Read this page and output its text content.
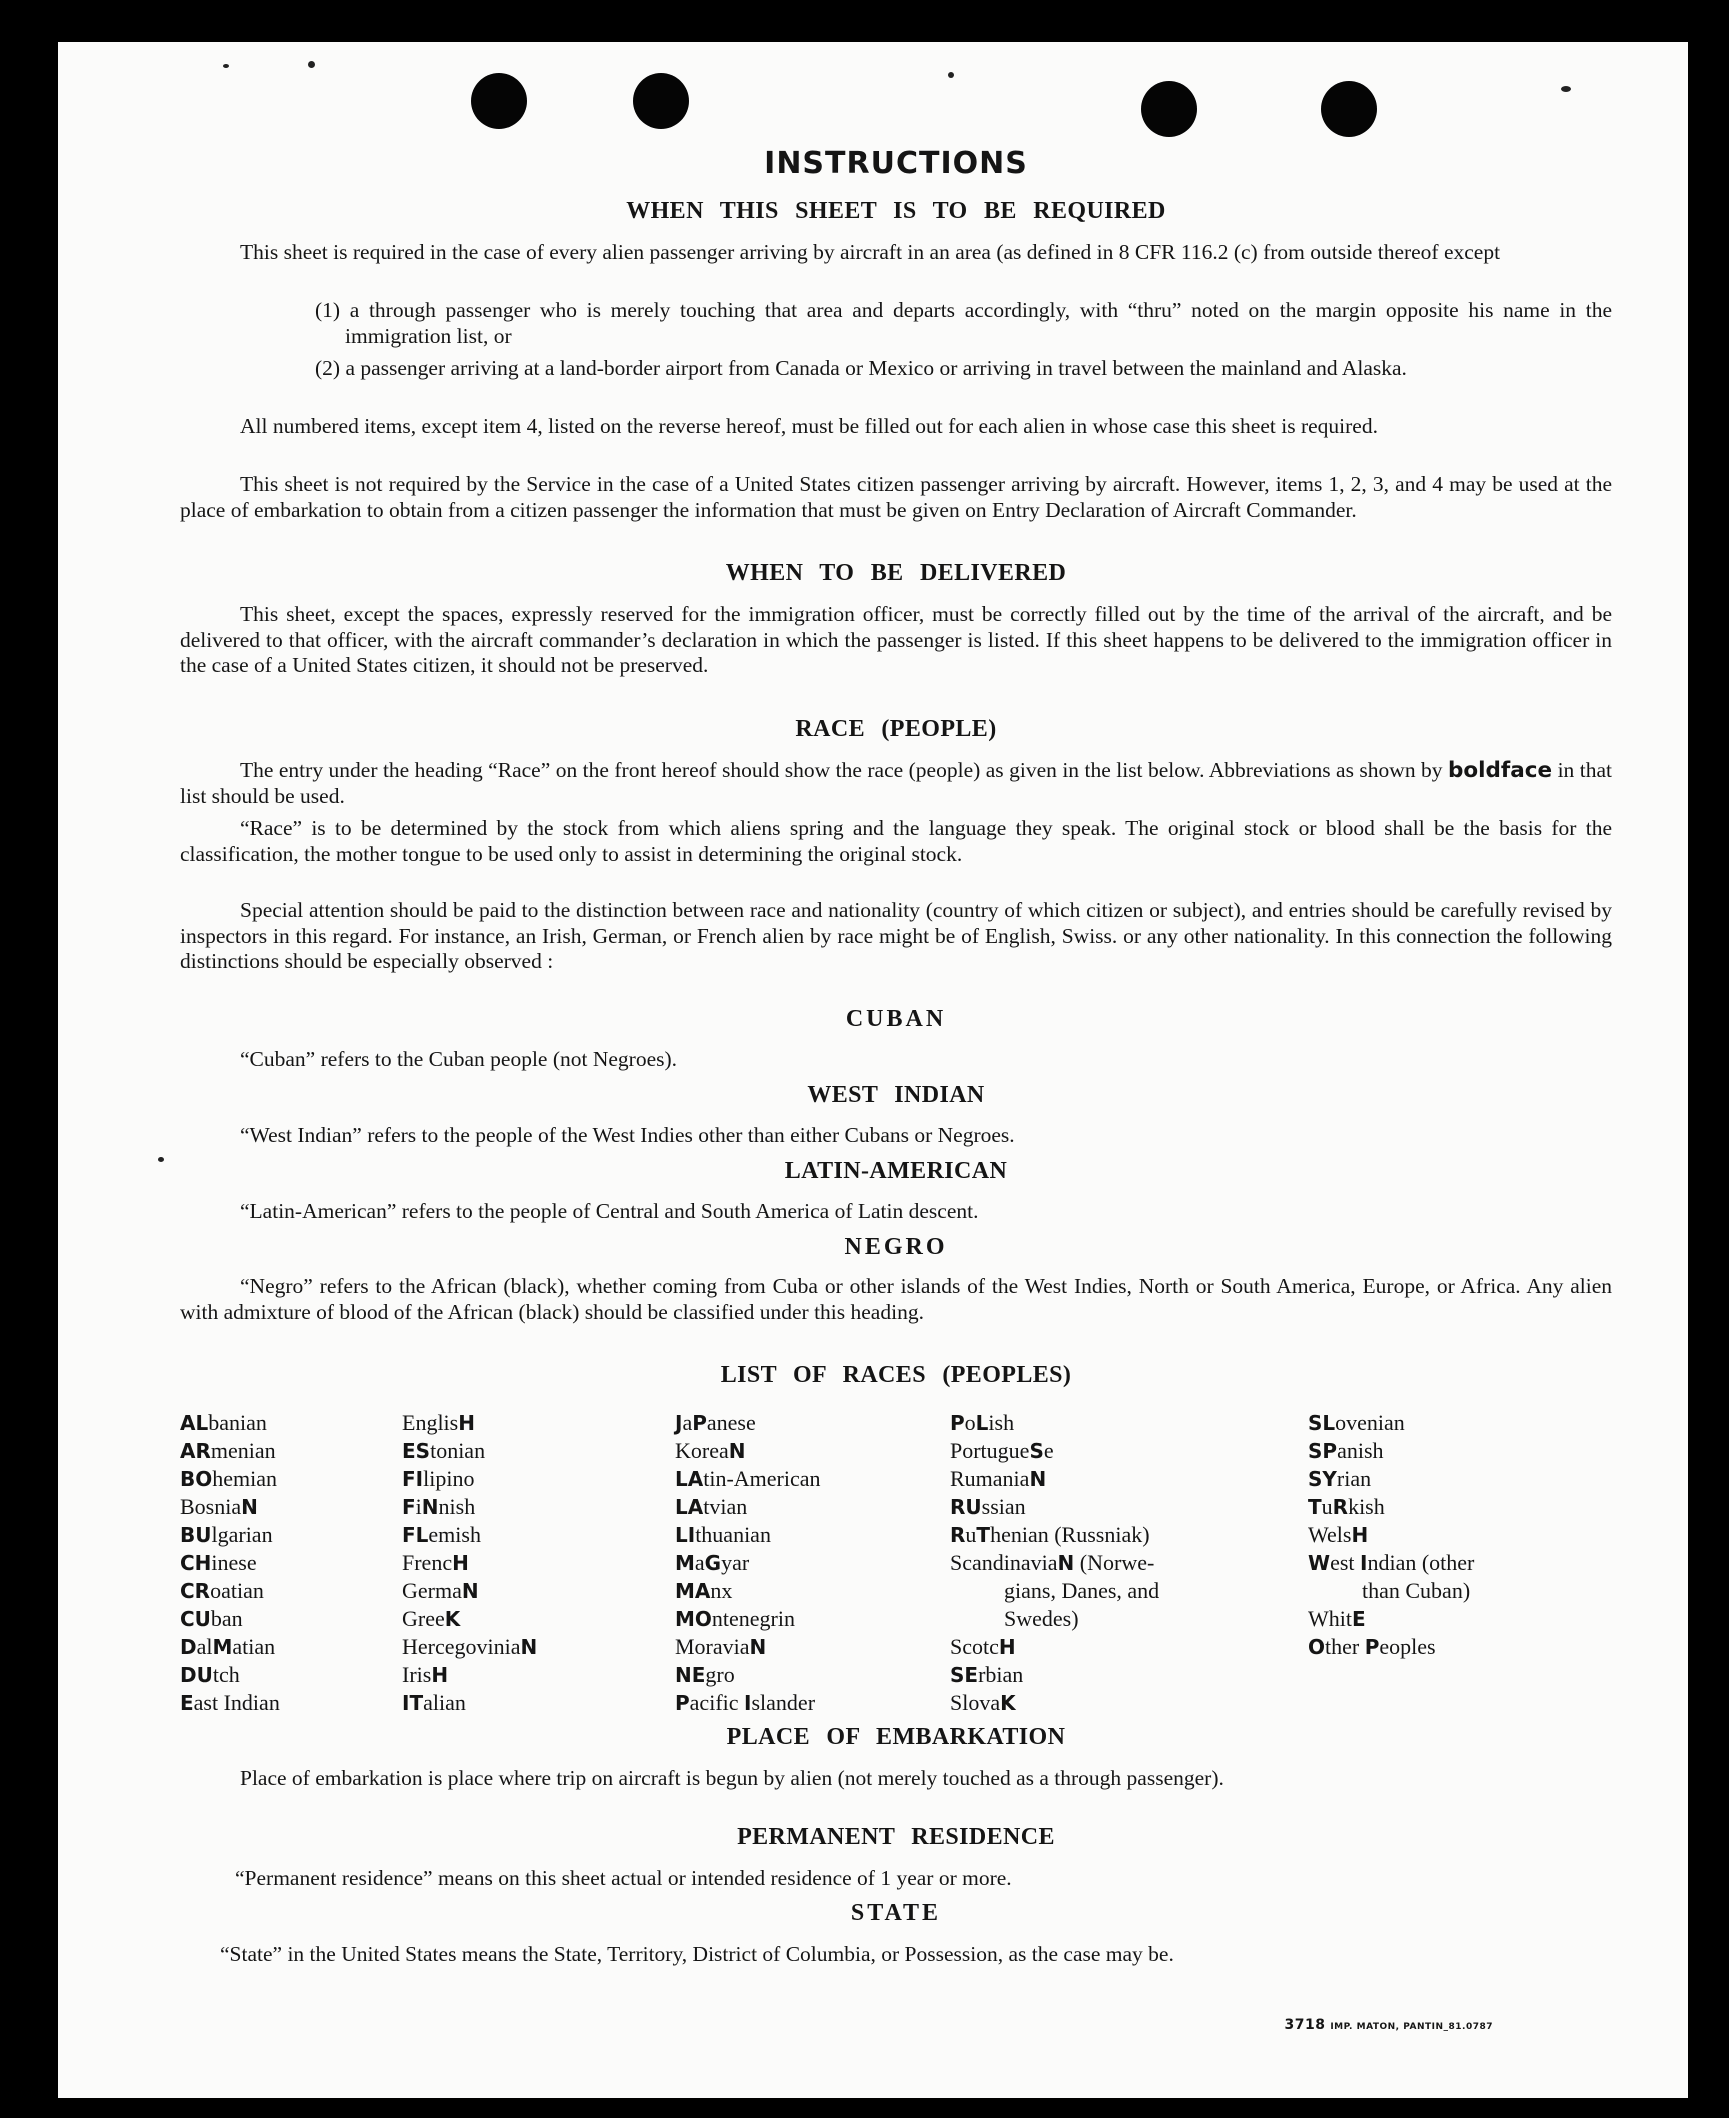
INSTRUCTIONS
WHEN THIS SHEET IS TO BE REQUIRED

This sheet is required in the case of every alien passenger arriving by aircraft in an area (as defined in 8 CFR 116.2 (c) from outside thereof except

(1) a through passenger who is merely touching that area and departs accordingly, with “thru” noted on the margin opposite his name in the immigration list, or

(2) a passenger arriving at a land-border airport from Canada or Mexico or arriving in travel between the mainland and Alaska.

All numbered items, except item 4, listed on the reverse hereof, must be filled out for each alien in whose case this sheet is required.

This sheet is not required by the Service in the case of a United States citizen passenger arriving by aircraft. However, items 1, 2, 3, and 4 may be used at the place of embarkation to obtain from a citizen passenger the information that must be given on Entry Declaration of Aircraft Commander.

WHEN TO BE DELIVERED

This sheet, except the spaces, expressly reserved for the immigration officer, must be correctly filled out by the time of the arrival of the aircraft, and be delivered to that officer, with the aircraft commander’s declaration in which the passenger is listed. If this sheet happens to be delivered to the immigration officer in the case of a United States citizen, it should not be preserved.

RACE (PEOPLE)

The entry under the heading “Race” on the front hereof should show the race (people) as given in the list below. Abbreviations as shown by boldface in that list should be used.

“Race” is to be determined by the stock from which aliens spring and the language they speak. The original stock or blood shall be the basis for the classification, the mother tongue to be used only to assist in determining the original stock.

Special attention should be paid to the distinction between race and nationality (country of which citizen or subject), and entries should be carefully revised by inspectors in this regard. For instance, an Irish, German, or French alien by race might be of English, Swiss. or any other nationality. In this connection the following distinctions should be especially observed :

CUBAN

“Cuban” refers to the Cuban people (not Negroes).

WEST INDIAN

“West Indian” refers to the people of the West Indies other than either Cubans or Negroes.

LATIN-AMERICAN

“Latin-American” refers to the people of Central and South America of Latin descent.

NEGRO

“Negro” refers to the African (black), whether coming from Cuba or other islands of the West Indies, North or South America, Europe, or Africa. Any alien with admixture of blood of the African (black) should be classified under this heading.

LIST OF RACES (PEOPLES)
ALbanian
ARmenian
BOhemian
BosniaN
BUlgarian
CHinese
CRoatian
CUban
DalMatian
DUtch
East Indian
EnglisH
EStonian
FIlipino
FiNnish
FLemish
FrencH
GermaN
GreeK
HercegoviniaN
IrisH
ITalian
JaPanese
KoreaN
LAtin-American
LAtvian
LIthuanian
MaGyar
MAnx
MOntenegrin
MoraviaN
NEgro
Pacific Islander
PoLish
PortugueSe
RumaniaN
RUssian
RuThenian (Russniak)
ScandinaviaN (Norwe-
gians, Danes, and
Swedes)
ScotcH
SErbian
SlovaK
SLovenian
SPanish
SYrian
TuRkish
WelsH
West Indian (other
than Cuban)
WhitE
Other Peoples
PLACE OF EMBARKATION

Place of embarkation is place where trip on aircraft is begun by alien (not merely touched as a through passenger).

PERMANENT RESIDENCE

“Permanent residence” means on this sheet actual or intended residence of 1 year or more.

STATE

“State” in the United States means the State, Territory, District of Columbia, or Possession, as the case may be.

3718 IMP. MATON, PANTIN_81.0787
